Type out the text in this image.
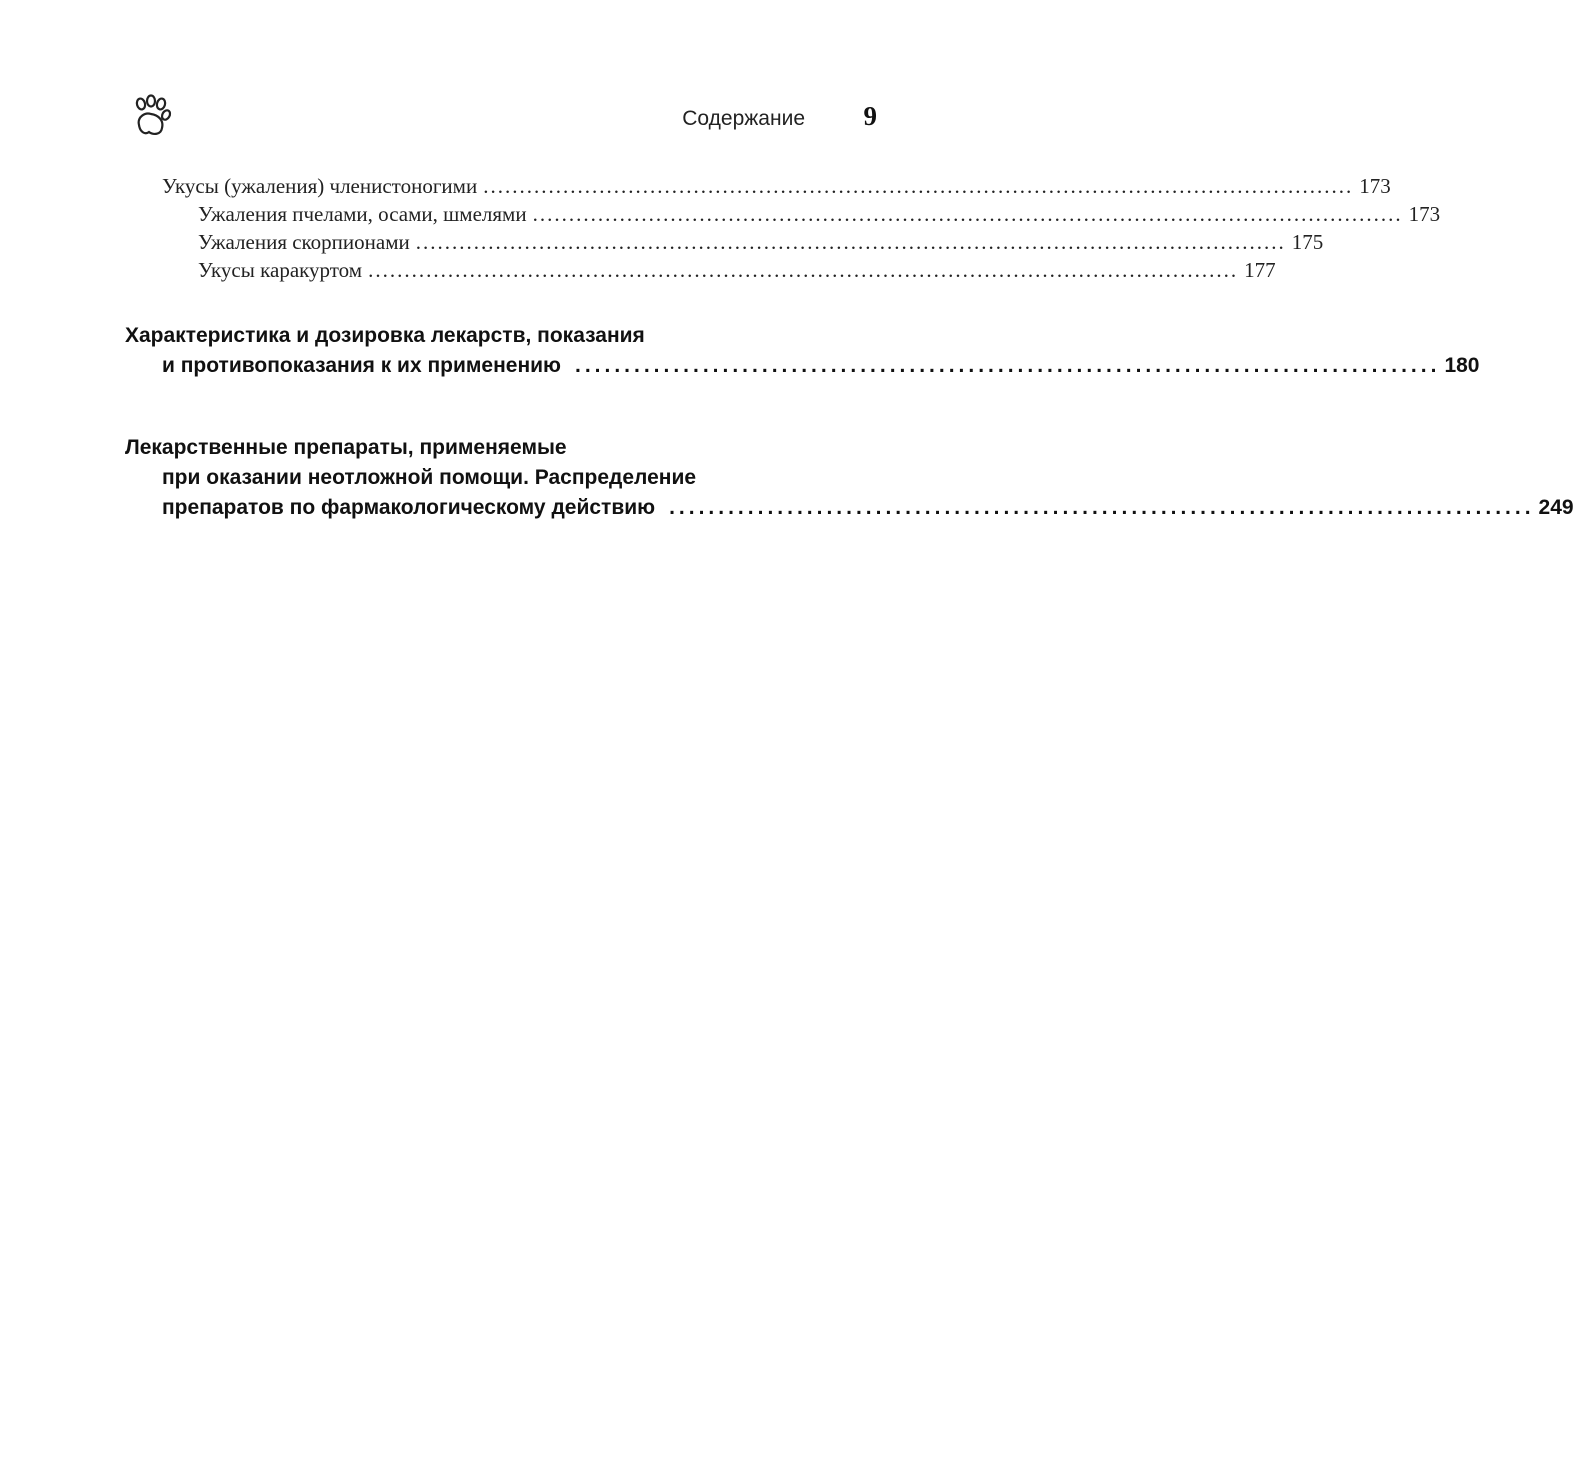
Содержание 9
Укусы (ужаления) членистоногими ........................................................................................................................ 173
Ужаления пчелами, осами, шмелями ........................................................................................................................ 173
Ужаления скорпионами ........................................................................................................................ 175
Укусы каракуртом ........................................................................................................................ 177
Характеристика и дозировка лекарств, показания
и противопоказания к их применению ........................................................................................ 180
Лекарственные препараты, применяемые
при оказании неотложной помощи. Распределение
препаратов по фармакологическому действию ........................................................................................ 249
